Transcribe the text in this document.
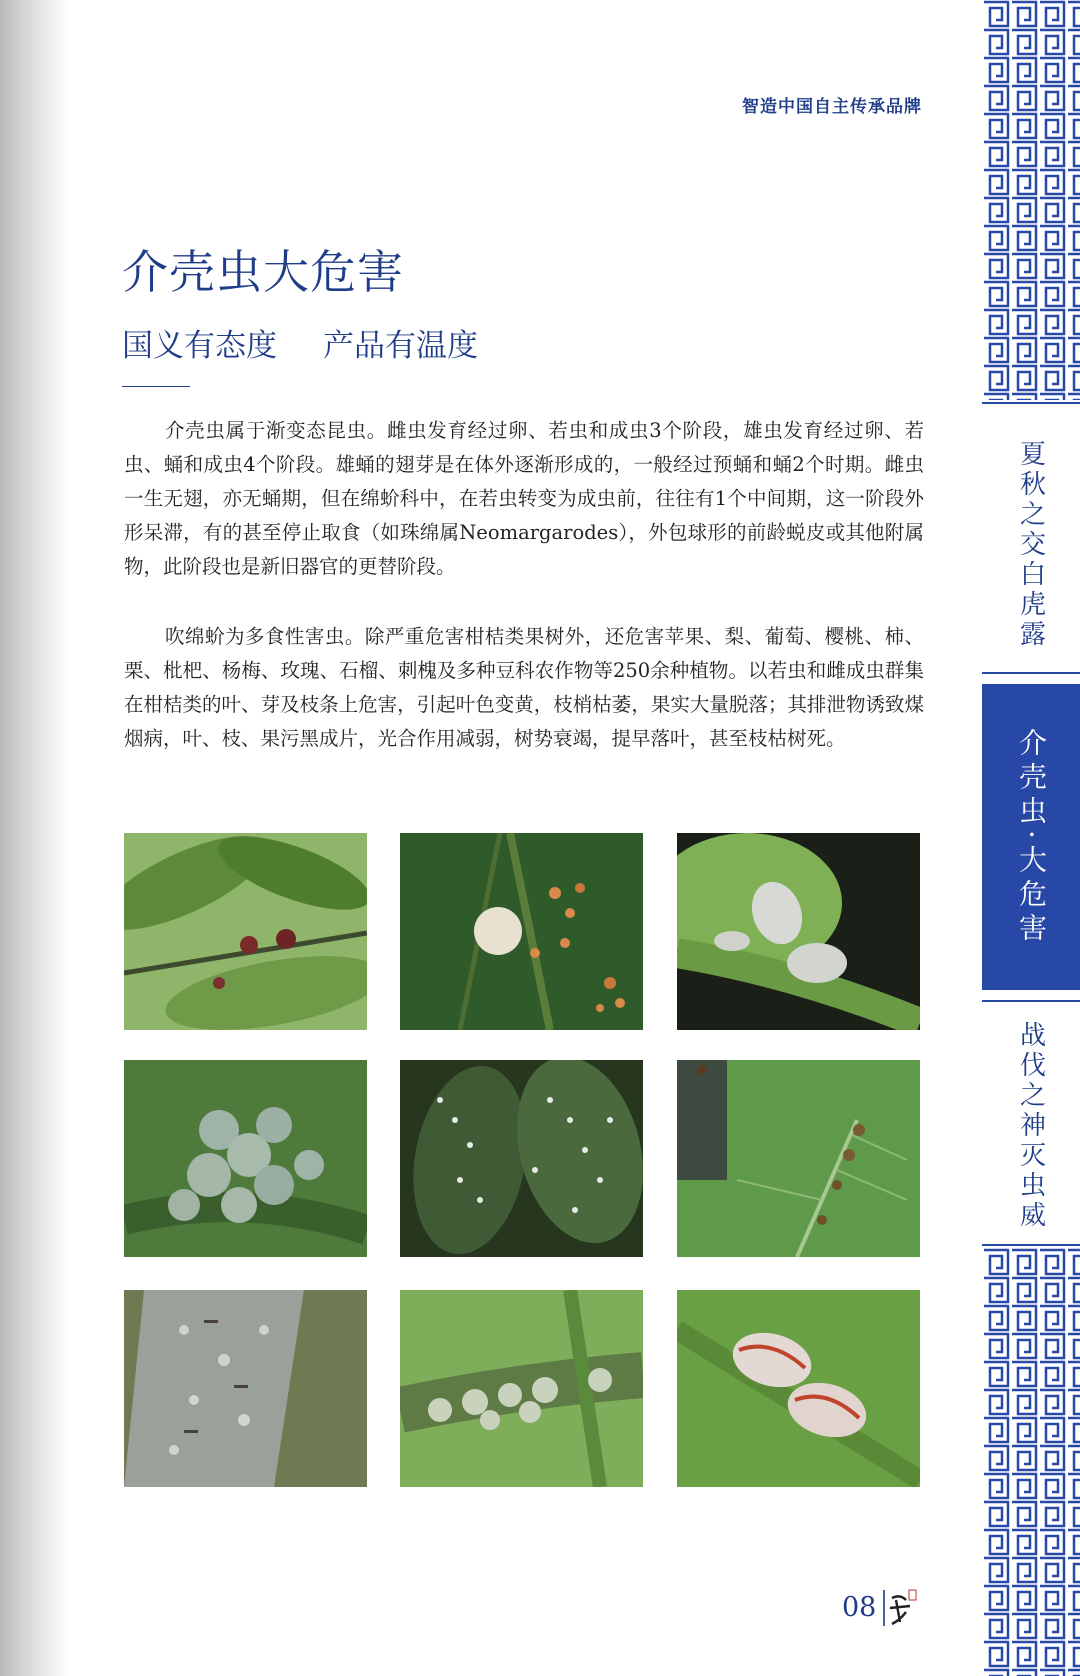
智造中国自主传承品牌
介壳虫大危害
国义有态度 产品有温度

介壳虫属于渐变态昆虫。雌虫发育经过卵、若虫和成虫3个阶段，雄虫发育经过卵、若虫、蛹和成虫4个阶段。雄蛹的翅芽是在体外逐渐形成的，一般经过预蛹和蛹2个时期。雌虫一生无翅，亦无蛹期，但在绵蚧科中，在若虫转变为成虫前，往往有1个中间期，这一阶段外形呆滞，有的甚至停止取食（如珠绵属Neomargarodes），外包球形的前龄蜕皮或其他附属物，此阶段也是新旧器官的更替阶段。

吹绵蚧为多食性害虫。除严重危害柑桔类果树外，还危害苹果、梨、葡萄、樱桃、柿、栗、枇杷、杨梅、玫瑰、石榴、刺槐及多种豆科农作物等250余种植物。以若虫和雌成虫群集在柑桔类的叶、芽及枝条上危害，引起叶色变黄，枝梢枯萎，果实大量脱落；其排泄物诱致煤烟病，叶、枝、果污黑成片，光合作用减弱，树势衰竭，提早落叶，甚至枝枯树死。

08
夏秋之交白虎露
介壳虫·大危害
战伐之神灭虫威
